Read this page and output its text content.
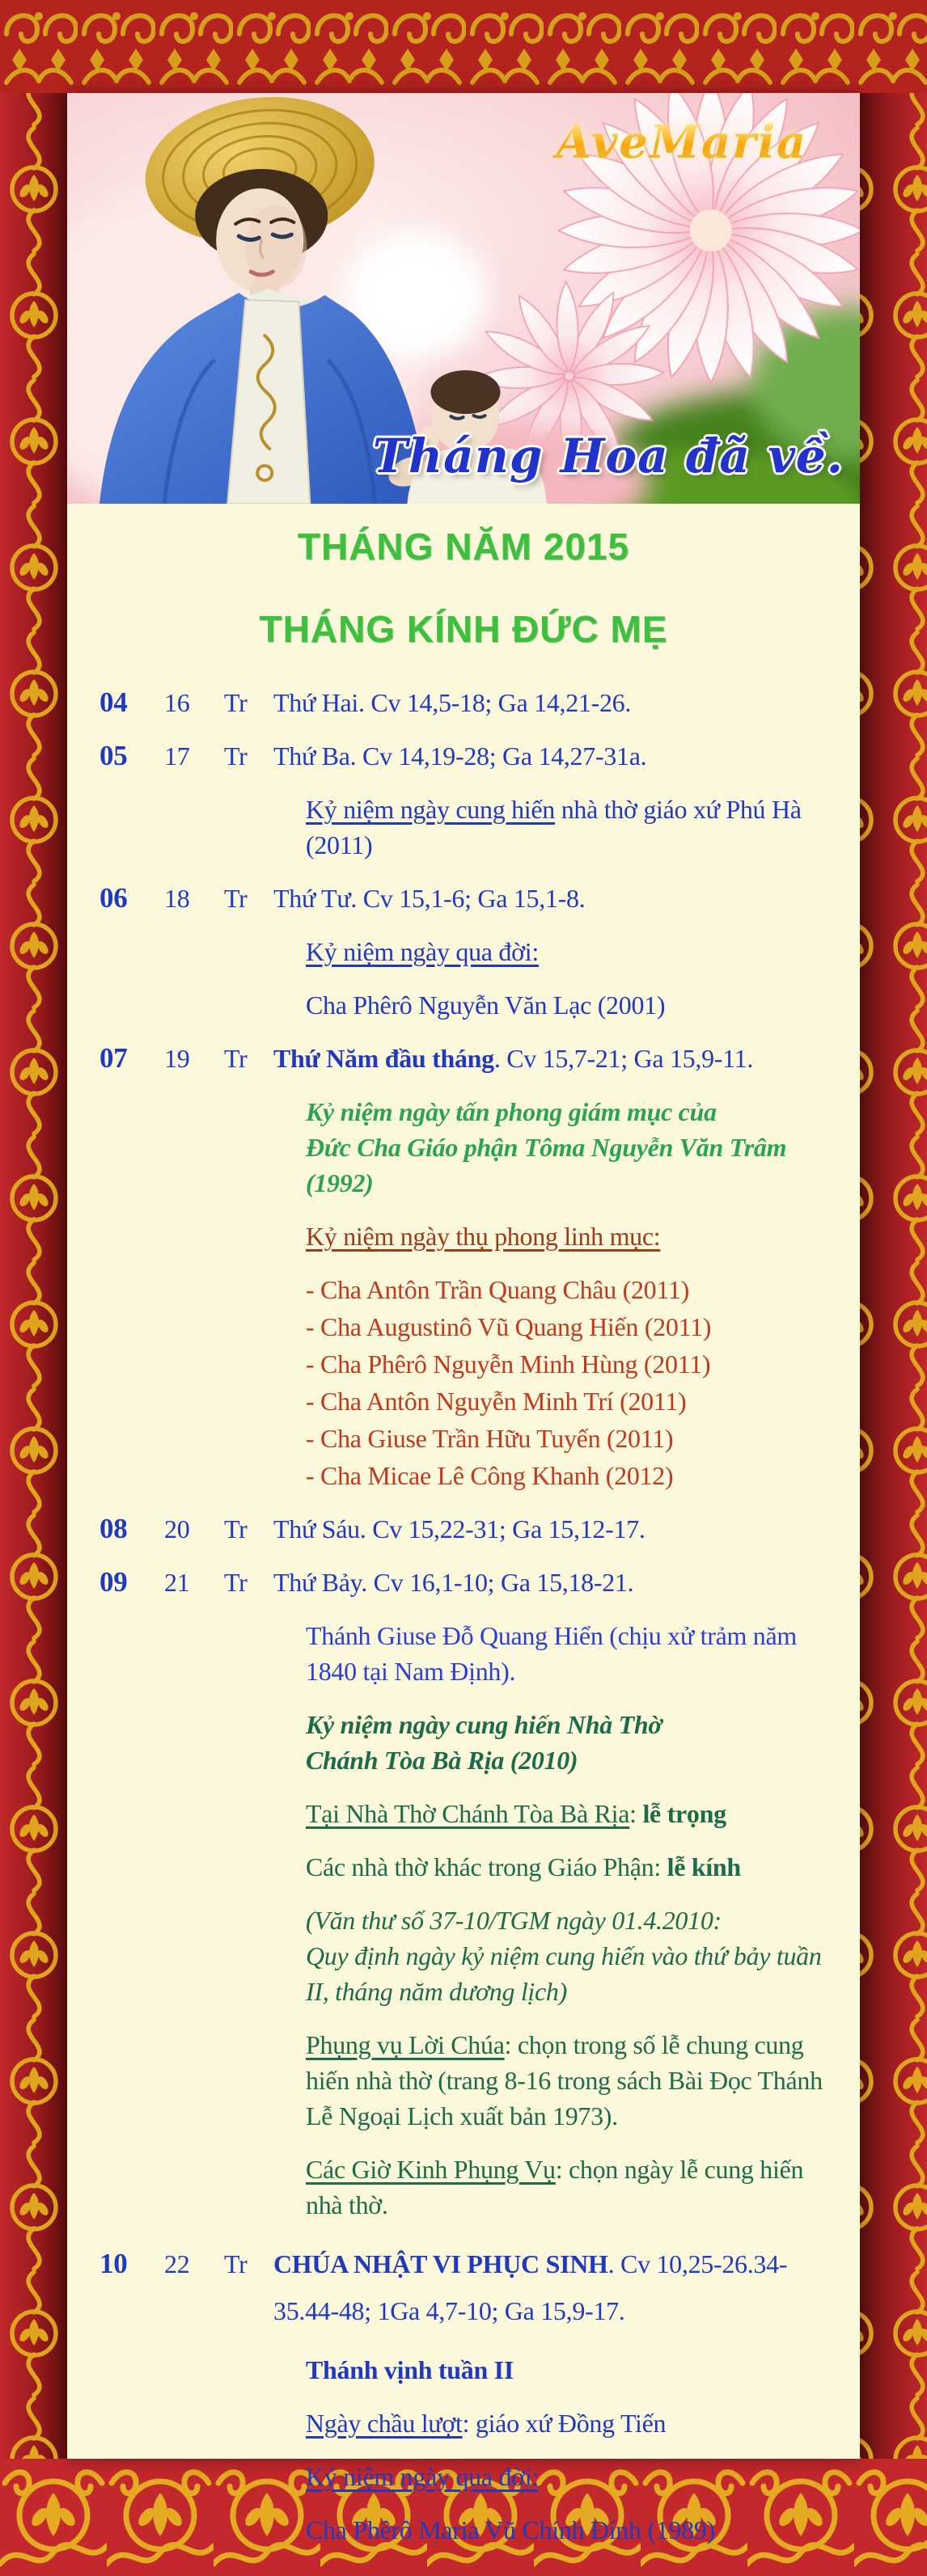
AveMaria
Tháng Hoa đã về.
THÁNG NĂM 2015
THÁNG KÍNH ĐỨC MẸ
04	16	Tr	Thứ Hai. Cv 14,5-18; Ga 14,21-26.
05	17	Tr	Thứ Ba. Cv 14,19-28; Ga 14,27-31a.
Kỷ niệm ngày cung hiến nhà thờ giáo xứ Phú Hà (2011)
06	18	Tr	Thứ Tư. Cv 15,1-6; Ga 15,1-8.
Kỷ niệm ngày qua đời:
Cha Phêrô Nguyễn Văn Lạc (2001)
07	19	Tr	Thứ Năm đầu tháng. Cv 15,7-21; Ga 15,9-11.
Kỷ niệm ngày tấn phong giám mục của
Đức Cha Giáo phận Tôma Nguyễn Văn Trâm (1992)
Kỷ niệm ngày thụ phong linh mục:
- Cha Antôn Trần Quang Châu (2011)
- Cha Augustinô Vũ Quang Hiến (2011)
- Cha Phêrô Nguyễn Minh Hùng (2011)
- Cha Antôn Nguyễn Minh Trí (2011)
- Cha Giuse Trần Hữu Tuyến (2011)
- Cha Micae Lê Công Khanh (2012)
08	20	Tr	Thứ Sáu. Cv 15,22-31; Ga 15,12-17.
09	21	Tr	Thứ Bảy. Cv 16,1-10; Ga 15,18-21.
Thánh Giuse Đỗ Quang Hiển (chịu xử trảm năm 1840 tại Nam Định).
Kỷ niệm ngày cung hiến Nhà Thờ
Chánh Tòa Bà Rịa (2010)
Tại Nhà Thờ Chánh Tòa Bà Rịa: lễ trọng
Các nhà thờ khác trong Giáo Phận: lễ kính
(Văn thư số 37-10/TGM ngày 01.4.2010:
Quy định ngày kỷ niệm cung hiến vào thứ bảy tuần II, tháng năm dương lịch)
Phụng vụ Lời Chúa: chọn trong số lễ chung cung hiến nhà thờ (trang 8-16 trong sách Bài Đọc Thánh Lễ Ngoại Lịch xuất bản 1973).
Các Giờ Kinh Phụng Vụ: chọn ngày lễ cung hiến nhà thờ.
10	22	Tr	CHÚA NHẬT VI PHỤC SINH. Cv 10,25-26.34-35.44-48; 1Ga 4,7-10; Ga 15,9-17.
Thánh vịnh tuần II
Ngày chầu lượt: giáo xứ Đồng Tiến
Kỷ niệm ngày qua đời:
Cha Phêrô Maria Vũ Chính Đính (1989)
